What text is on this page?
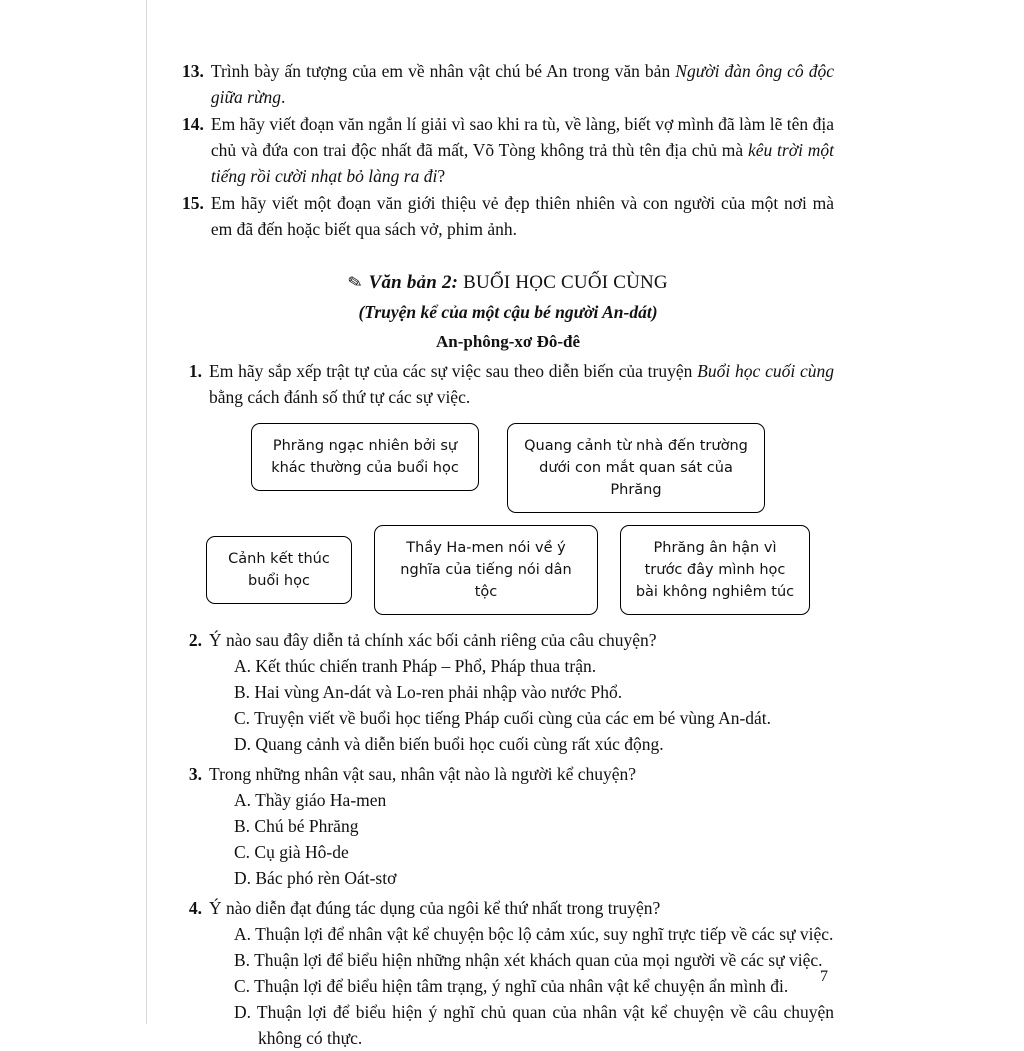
13. Trình bày ấn tượng của em về nhân vật chú bé An trong văn bản Người đàn ông cô độc giữa rừng.
14. Em hãy viết đoạn văn ngắn lí giải vì sao khi ra tù, về làng, biết vợ mình đã làm lẽ tên địa chủ và đứa con trai độc nhất đã mất, Võ Tòng không trả thù tên địa chủ mà kêu trời một tiếng rồi cười nhạt bỏ làng ra đi?
15. Em hãy viết một đoạn văn giới thiệu vẻ đẹp thiên nhiên và con người của một nơi mà em đã đến hoặc biết qua sách vở, phim ảnh.
✎ Văn bản 2: BUỔI HỌC CUỐI CÙNG
(Truyện kể của một cậu bé người An-dát)
An-phông-xơ Đô-đê
1. Em hãy sắp xếp trật tự của các sự việc sau theo diễn biến của truyện Buổi học cuối cùng bằng cách đánh số thứ tự các sự việc.
Phrăng ngạc nhiên bởi sự khác thường của buổi học
Quang cảnh từ nhà đến trường dưới con mắt quan sát của Phrăng
Cảnh kết thúc buổi học
Thầy Ha-men nói về ý nghĩa của tiếng nói dân tộc
Phrăng ân hận vì trước đây mình học bài không nghiêm túc
2. Ý nào sau đây diễn tả chính xác bối cảnh riêng của câu chuyện?
A. Kết thúc chiến tranh Pháp – Phổ, Pháp thua trận.
B. Hai vùng An-dát và Lo-ren phải nhập vào nước Phổ.
C. Truyện viết về buổi học tiếng Pháp cuối cùng của các em bé vùng An-dát.
D. Quang cảnh và diễn biến buổi học cuối cùng rất xúc động.
3. Trong những nhân vật sau, nhân vật nào là người kể chuyện?
A. Thầy giáo Ha-men
B. Chú bé Phrăng
C. Cụ già Hô-de
D. Bác phó rèn Oát-stơ
4. Ý nào diễn đạt đúng tác dụng của ngôi kể thứ nhất trong truyện?
A. Thuận lợi để nhân vật kể chuyện bộc lộ cảm xúc, suy nghĩ trực tiếp về các sự việc.
B. Thuận lợi để biểu hiện những nhận xét khách quan của mọi người về các sự việc.
C. Thuận lợi để biểu hiện tâm trạng, ý nghĩ của nhân vật kể chuyện ẩn mình đi.
D. Thuận lợi để biểu hiện ý nghĩ chủ quan của nhân vật kể chuyện về câu chuyện không có thực.
7
